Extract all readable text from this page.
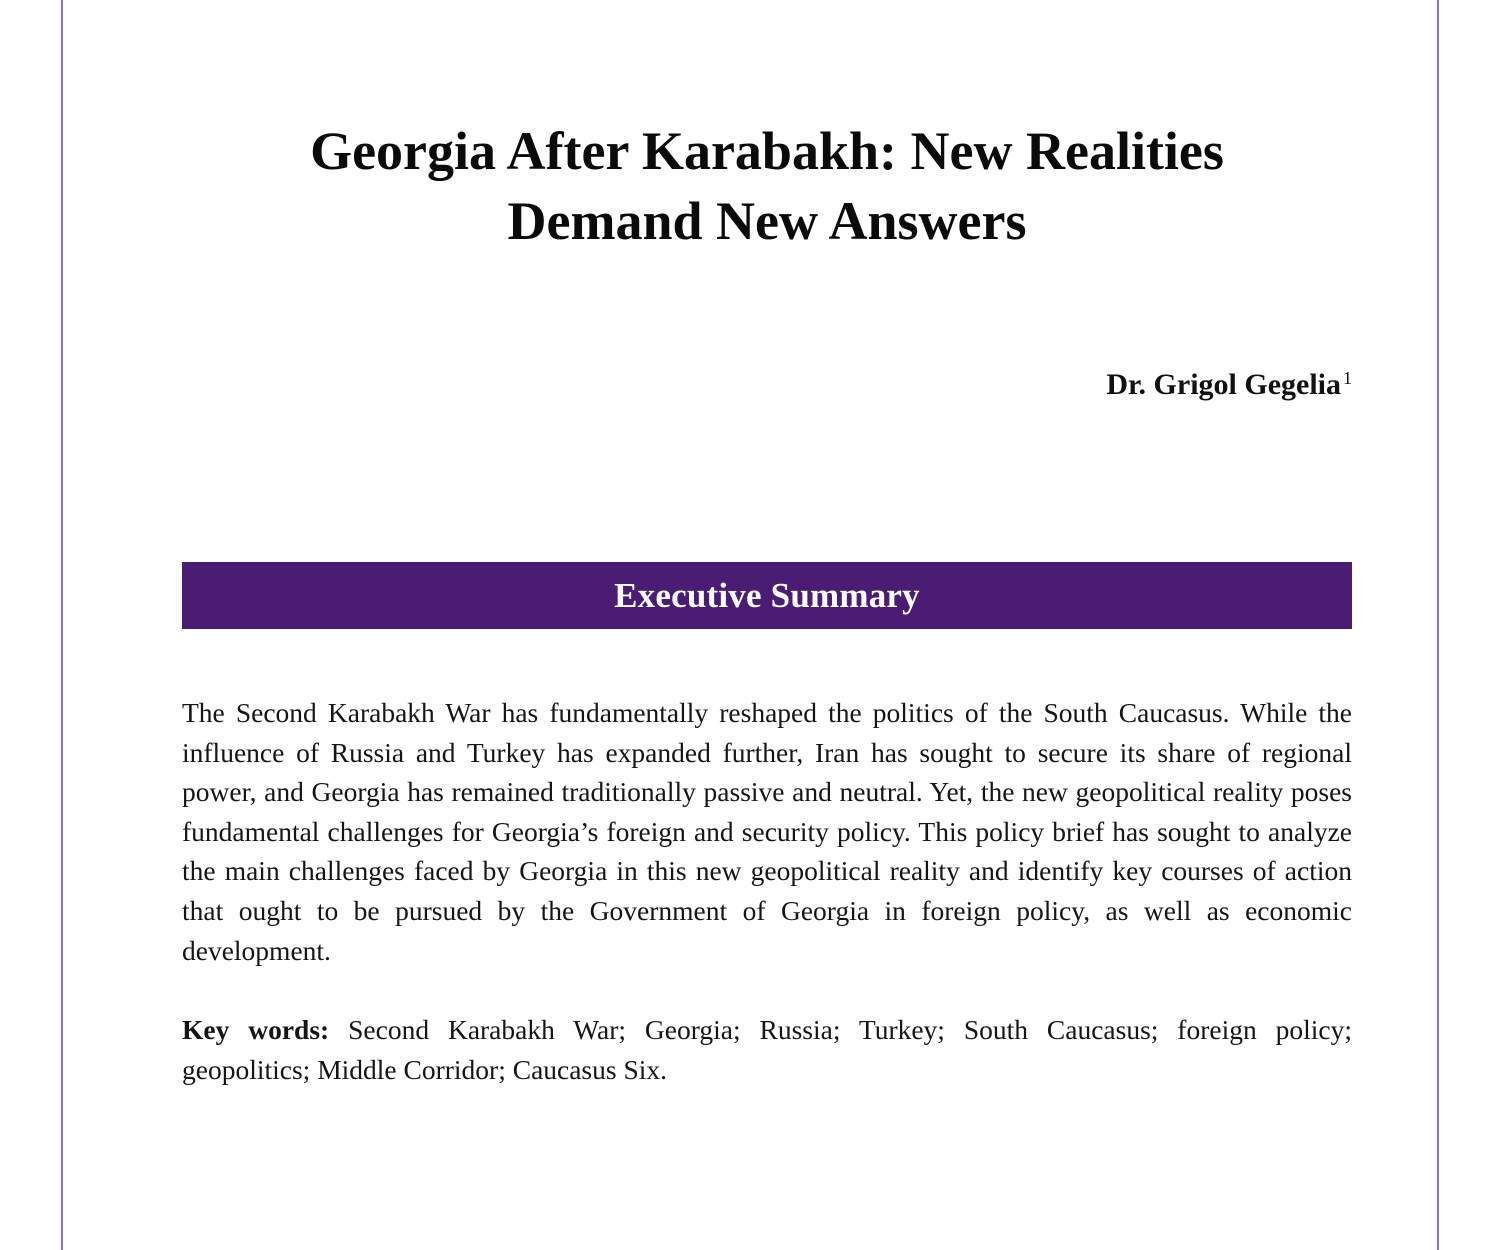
Georgia After Karabakh: New Realities
Demand New Answers
Dr. Grigol Gegelia $^1$
Executive Summary

The Second Karabakh War has fundamentally reshaped the politics of the South Caucasus. While the influence of Russia and Turkey has expanded further, Iran has sought to secure its share of regional power, and Georgia has remained traditionally passive and neutral. Yet, the new geopolitical reality poses fundamental challenges for Georgia’s foreign and security policy. This policy brief has sought to analyze the main challenges faced by Georgia in this new geopolitical reality and identify key courses of action that ought to be pursued by the Government of Georgia in foreign policy, as well as economic development.

Key words: Second Karabakh War; Georgia; Russia; Turkey; South Caucasus; foreign policy; geopolitics; Middle Corridor; Caucasus Six.
